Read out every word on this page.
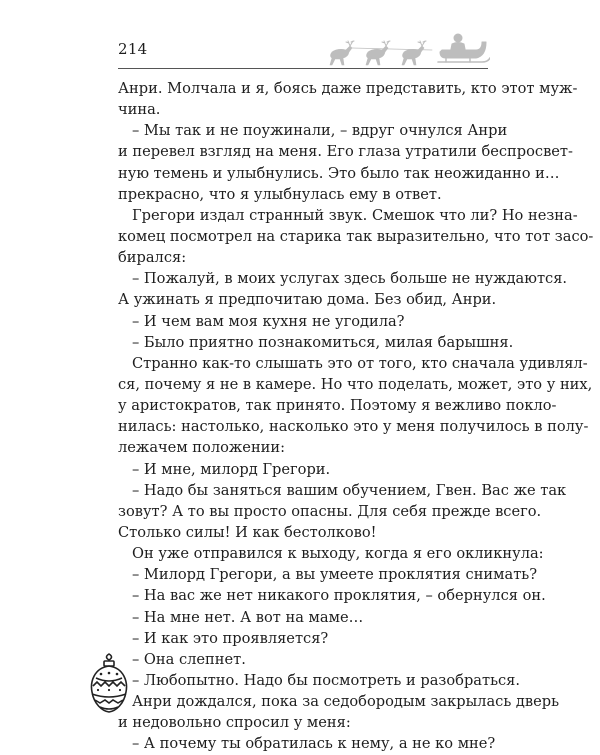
214
Анри. Молчала и я, боясь даже представить, кто этот муж-
чина.
– Мы так и не поужинали, – вдруг очнулся Анри
и перевел взгляд на меня. Его глаза утратили беспросвет-
ную темень и улыбнулись. Это было так неожиданно и…
прекрасно, что я улыбнулась ему в ответ.
Грегори издал странный звук. Смешок что ли? Но незна-
комец посмотрел на старика так выразительно, что тот засо-
бирался:
– Пожалуй, в моих услугах здесь больше не нуждаются.
А ужинать я предпочитаю дома. Без обид, Анри.
– И чем вам моя кухня не угодила?
– Было приятно познакомиться, милая барышня.
Странно как-то слышать это от того, кто сначала удивлял-
ся, почему я не в камере. Но что поделать, может, это у них,
у аристократов, так принято. Поэтому я вежливо покло-
нилась: настолько, насколько это у меня получилось в полу-
лежачем положении:
– И мне, милорд Грегори.
– Надо бы заняться вашим обучением, Гвен. Вас же так
зовут? А то вы просто опасны. Для себя прежде всего.
Столько силы! И как бестолково!
Он уже отправился к выходу, когда я его окликнула:
– Милорд Грегори, а вы умеете проклятия снимать?
– На вас же нет никакого проклятия, – обернулся он.
– На мне нет. А вот на маме…
– И как это проявляется?
– Она слепнет.
– Любопытно. Надо бы посмотреть и разобраться.
Анри дождался, пока за седобородым закрылась дверь
и недовольно спросил у меня:
– А почему ты обратилась к нему, а не ко мне?
